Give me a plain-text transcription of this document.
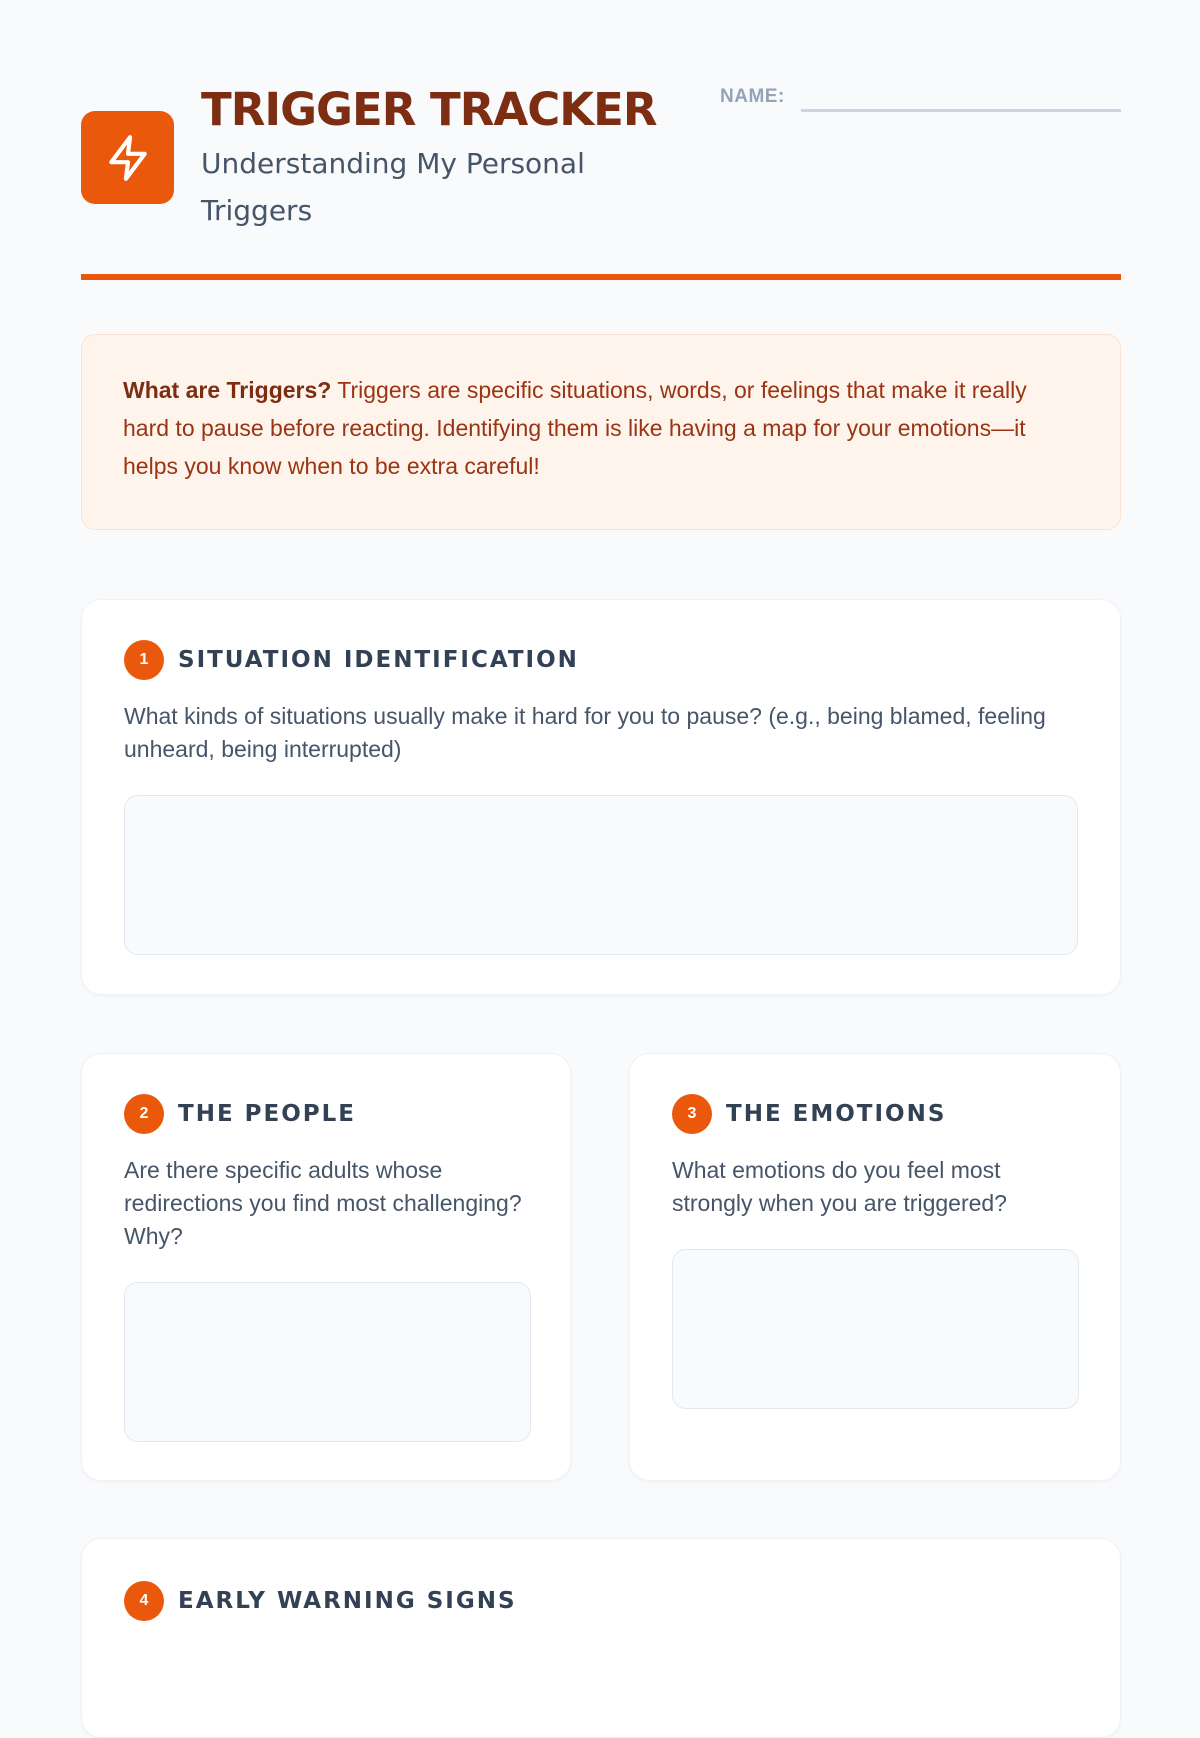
TRIGGER TRACKER

Understanding My Personal Triggers

NAME:
What are Triggers? Triggers are specific situations, words, or feelings that make it really hard to pause before reacting. Identifying them is like having a map for your emotions—it helps you know when to be extra careful!
1	SITUATION IDENTIFICATION

What kinds of situations usually make it hard for you to pause? (e.g., being blamed, feeling unheard, being interrupted)

2	THE PEOPLE

Are there specific adults whose redirections you find most challenging? Why?

3	THE EMOTIONS

What emotions do you feel most strongly when you are triggered?

4	EARLY WARNING SIGNS
